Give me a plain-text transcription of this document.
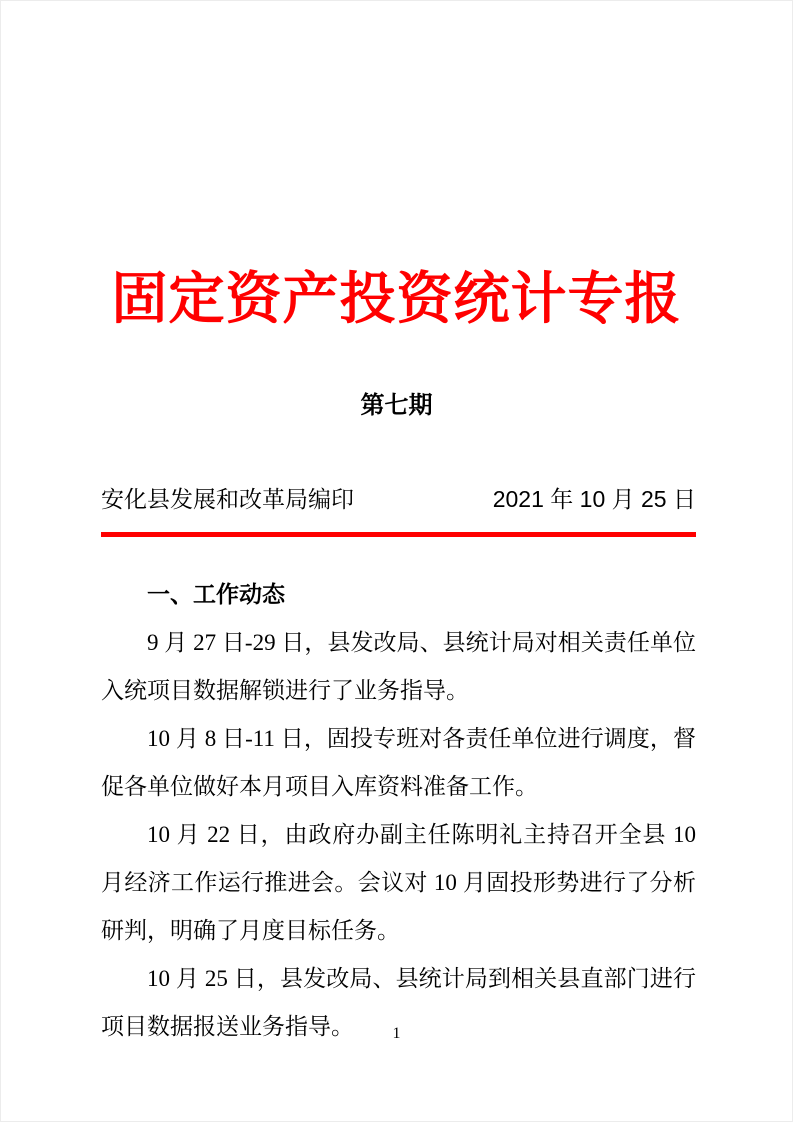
固定资产投资统计专报
第七期
安化县发展和改革局编印	2021 年 10 月 25 日

一、工作动态

9 月 27 日-29 日，县发改局、县统计局对相关责任单位入统项目数据解锁进行了业务指导。

10 月 8 日-11 日，固投专班对各责任单位进行调度，督促各单位做好本月项目入库资料准备工作。

10 月 22 日，由政府办副主任陈明礼主持召开全县 10 月经济工作运行推进会。会议对 10 月固投形势进行了分析研判，明确了月度目标任务。

10 月 25 日，县发改局、县统计局到相关县直部门进行项目数据报送业务指导。	1
